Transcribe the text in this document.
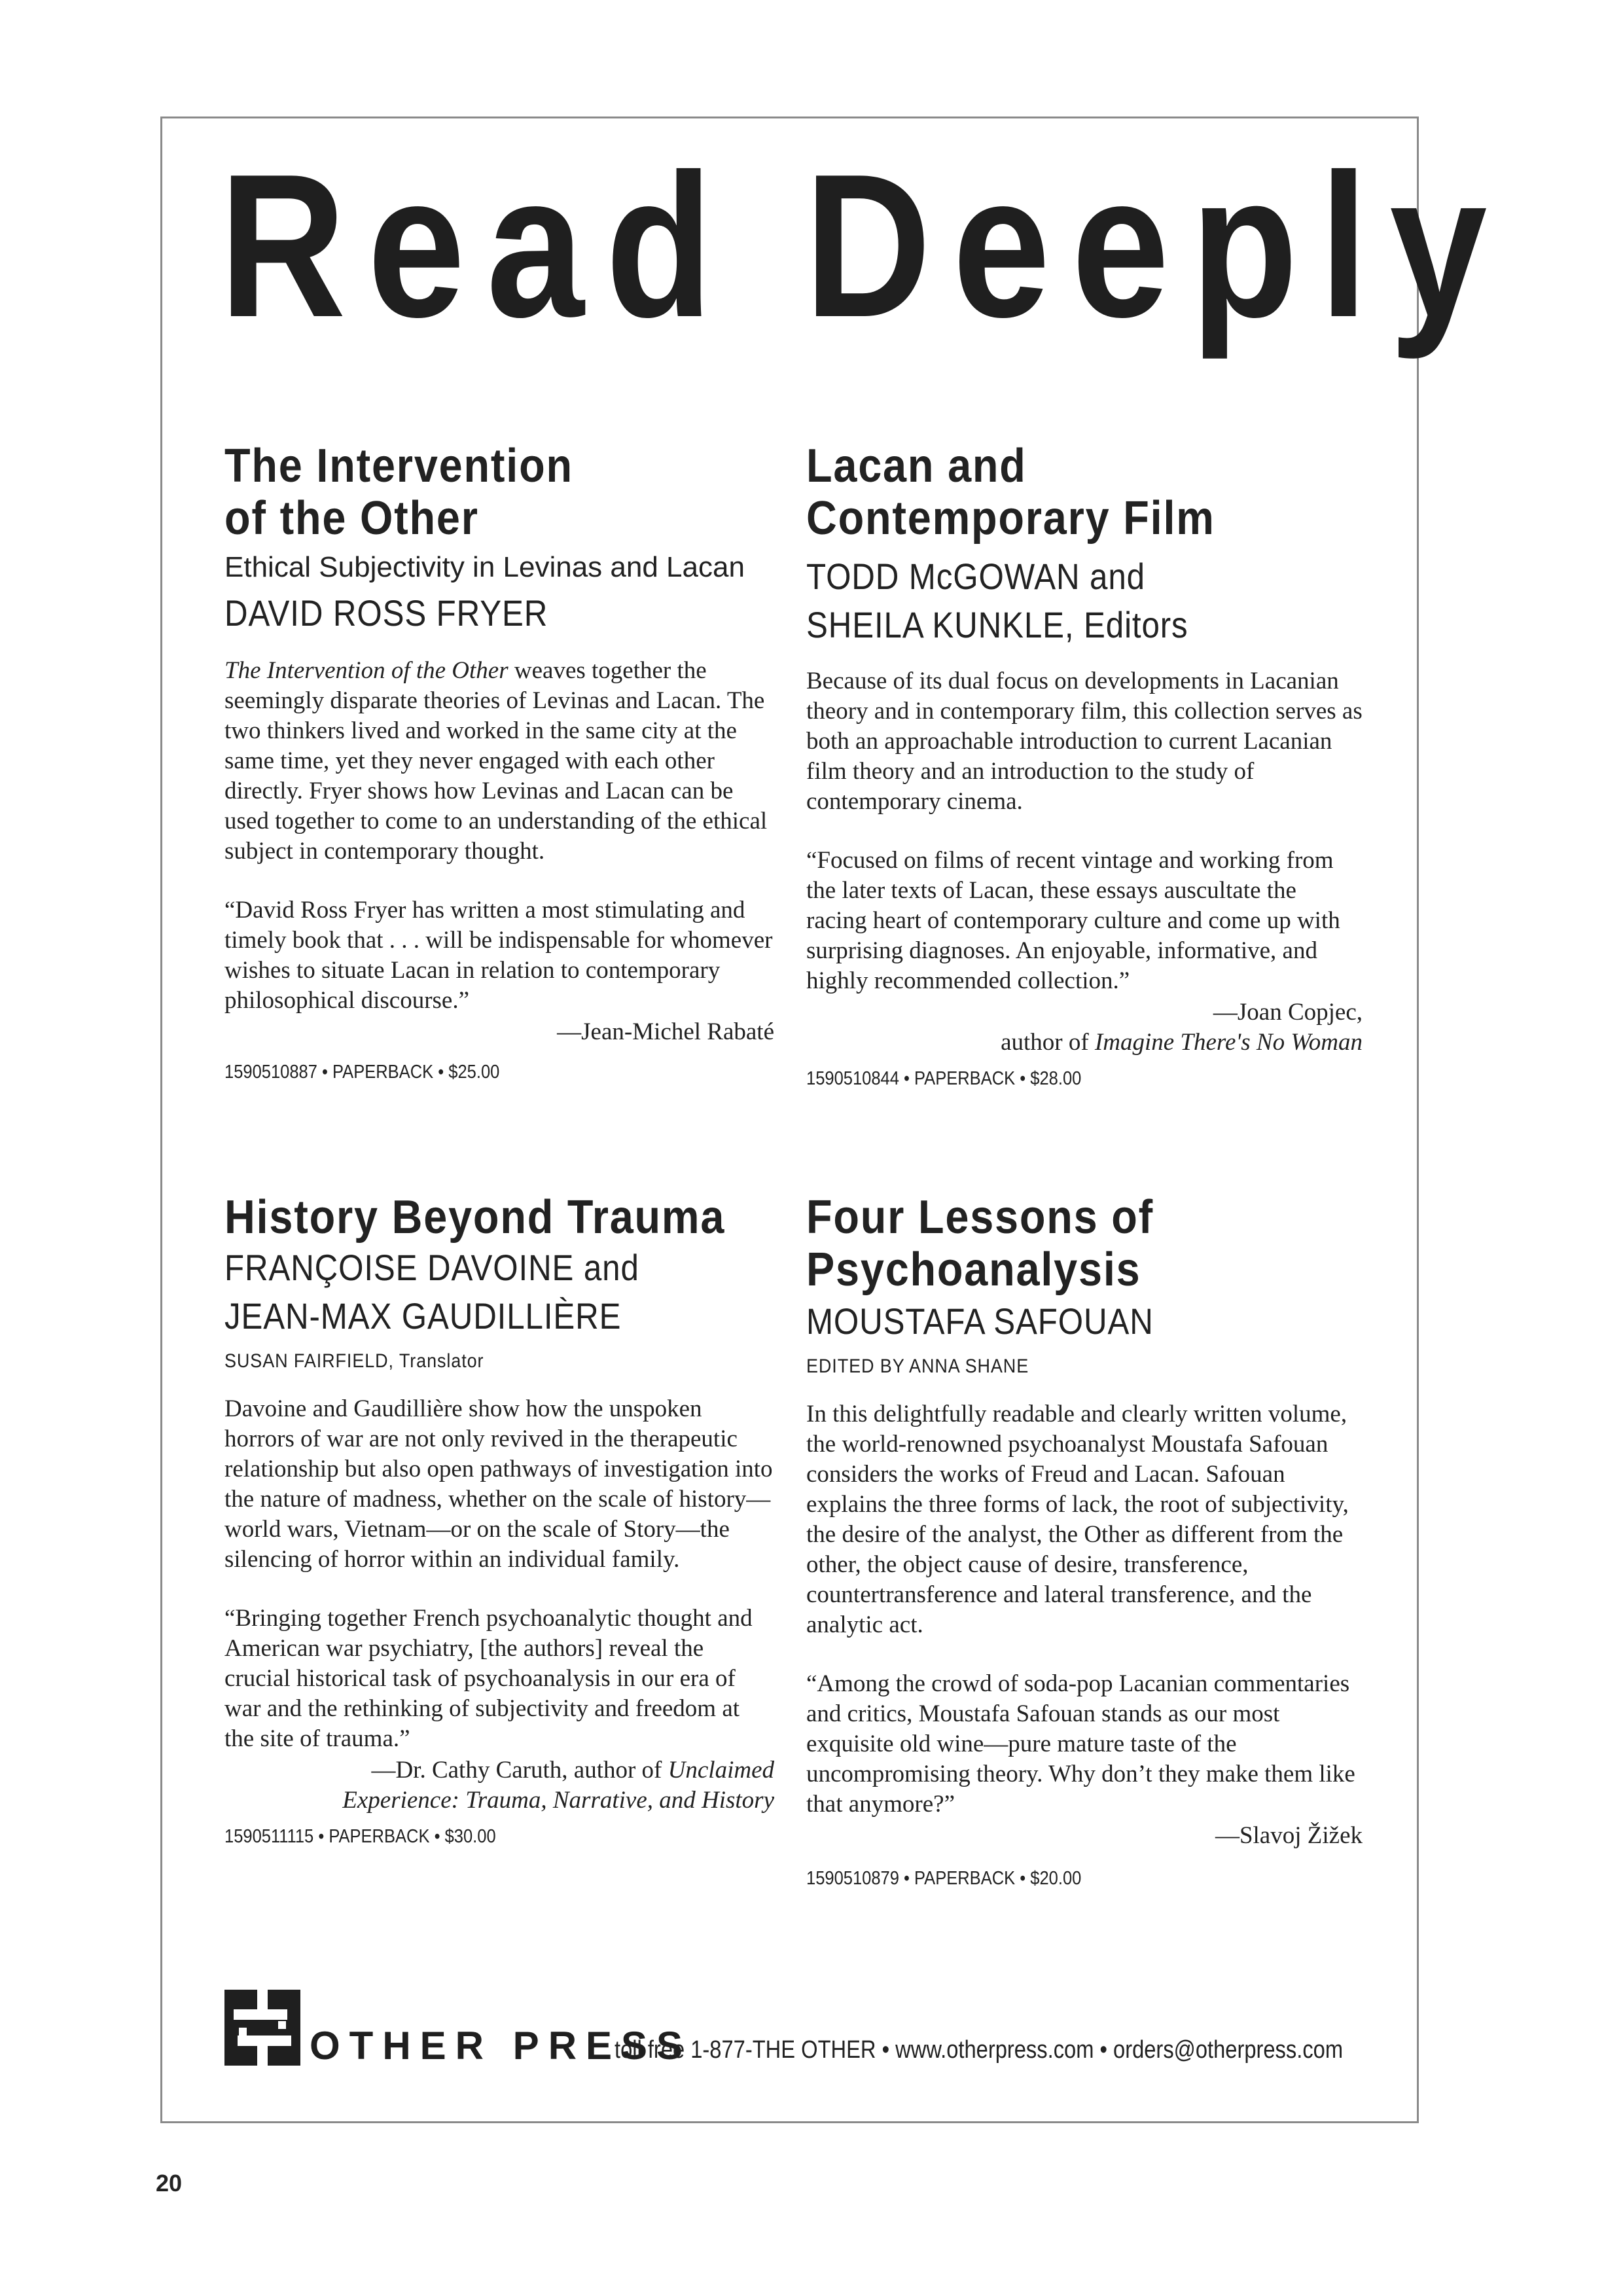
Read Deeply
The Intervention
of the Other

Ethical Subjectivity in Levinas and Lacan

DAVID ROSS FRYER

The Intervention of the Other weaves together the seemingly disparate theories of Levinas and Lacan. The two thinkers lived and worked in the same city at the same time, yet they never engaged with each other directly. Fryer shows how Levinas and Lacan can be used together to come to an understanding of the ethical subject in contemporary thought.

“David Ross Fryer has written a most stimulating and timely book that . . . will be indispensable for whomever wishes to situate Lacan in relation to contemporary philosophical discourse.”

—Jean-Michel Rabaté

1590510887 • PAPERBACK • $25.00

Lacan and
Contemporary Film

TODD McGOWAN and
SHEILA KUNKLE, Editors

Because of its dual focus on developments in Lacanian theory and in contemporary film, this collection serves as both an approachable introduction to current Lacanian film theory and an introduction to the study of contemporary cinema.

“Focused on films of recent vintage and working from the later texts of Lacan, these essays auscultate the racing heart of contemporary culture and come up with surprising diagnoses. An enjoyable, informative, and highly recommended collection.”

—Joan Copjec,
author of Imagine There's No Woman

1590510844 • PAPERBACK • $28.00

History Beyond Trauma

FRANÇOISE DAVOINE and
JEAN-MAX GAUDILLIÈRE

SUSAN FAIRFIELD, Translator

Davoine and Gaudillière show how the unspoken horrors of war are not only revived in the therapeutic relationship but also open pathways of investigation into the nature of madness, whether on the scale of history—world wars, Vietnam—or on the scale of Story—the silencing of horror within an individual family.

“Bringing together French psychoanalytic thought and American war psychiatry, [the authors] reveal the crucial historical task of psychoanalysis in our era of war and the rethinking of subjectivity and freedom at the site of trauma.”

—Dr. Cathy Caruth, author of Unclaimed
Experience: Trauma, Narrative, and History

1590511115 • PAPERBACK • $30.00

Four Lessons of
Psychoanalysis

MOUSTAFA SAFOUAN

EDITED BY ANNA SHANE

In this delightfully readable and clearly written volume, the world-renowned psychoanalyst Moustafa Safouan considers the works of Freud and Lacan. Safouan explains the three forms of lack, the root of subjectivity, the desire of the analyst, the Other as different from the other, the object cause of desire, transference, countertransference and lateral transference, and the analytic act.

“Among the crowd of soda-pop Lacanian commentaries and critics, Moustafa Safouan stands as our most exquisite old wine—pure mature taste of the uncompromising theory. Why don’t they make them like that anymore?”

—Slavoj Žižek

1590510879 • PAPERBACK • $20.00

OTHER PRESS

toll free 1-877-THE OTHER • www.otherpress.com • orders@otherpress.com

20
